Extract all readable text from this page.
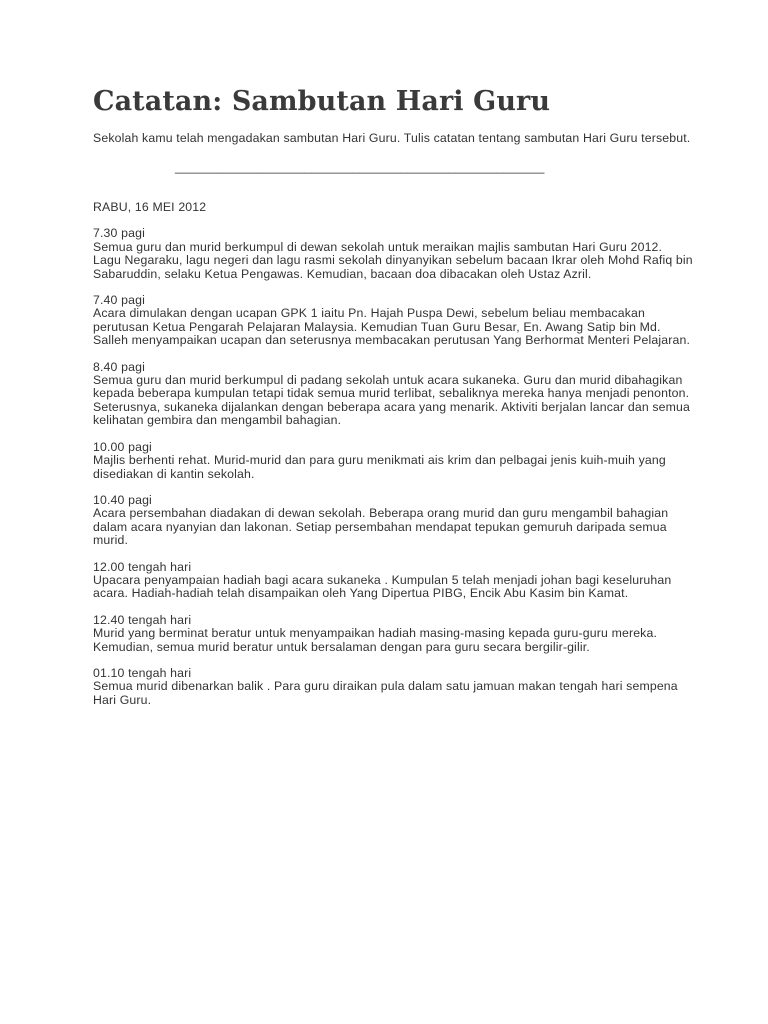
Catatan: Sambutan Hari Guru
Sekolah kamu telah mengadakan sambutan Hari Guru. Tulis catatan tentang sambutan Hari Guru tersebut.
______________________________________________________
RABU, 16 MEI 2012
7.30 pagi
Semua guru dan murid berkumpul di dewan sekolah untuk meraikan majlis sambutan Hari Guru 2012. Lagu Negaraku, lagu negeri dan lagu rasmi sekolah dinyanyikan sebelum bacaan Ikrar oleh Mohd Rafiq bin Sabaruddin, selaku Ketua Pengawas. Kemudian, bacaan doa dibacakan oleh Ustaz Azril.
7.40 pagi
Acara dimulakan dengan ucapan GPK 1 iaitu Pn. Hajah Puspa Dewi, sebelum beliau membacakan perutusan Ketua Pengarah Pelajaran Malaysia. Kemudian Tuan Guru Besar, En. Awang Satip bin Md. Salleh menyampaikan ucapan dan seterusnya membacakan perutusan Yang Berhormat Menteri Pelajaran.
8.40 pagi
Semua guru dan murid berkumpul di padang sekolah untuk acara sukaneka. Guru dan murid dibahagikan kepada beberapa kumpulan tetapi tidak semua murid terlibat, sebaliknya mereka hanya menjadi penonton. Seterusnya, sukaneka dijalankan dengan beberapa acara yang menarik. Aktiviti berjalan lancar dan semua kelihatan gembira dan mengambil bahagian.
10.00 pagi
Majlis berhenti rehat. Murid-murid dan para guru menikmati ais krim dan pelbagai jenis kuih-muih yang disediakan di kantin sekolah.
10.40 pagi
Acara persembahan diadakan di dewan sekolah. Beberapa orang murid dan guru mengambil bahagian dalam acara nyanyian dan lakonan. Setiap persembahan mendapat tepukan gemuruh daripada semua murid.
12.00 tengah hari
Upacara penyampaian hadiah bagi acara sukaneka . Kumpulan 5 telah menjadi johan bagi keseluruhan acara. Hadiah-hadiah telah disampaikan oleh Yang Dipertua PIBG, Encik Abu Kasim bin Kamat.
12.40 tengah hari
Murid yang berminat beratur untuk menyampaikan hadiah masing-masing kepada guru-guru mereka. Kemudian, semua murid beratur untuk bersalaman dengan para guru secara bergilir-gilir.
01.10 tengah hari
Semua murid dibenarkan balik . Para guru diraikan pula dalam satu jamuan makan tengah hari sempena Hari Guru.
